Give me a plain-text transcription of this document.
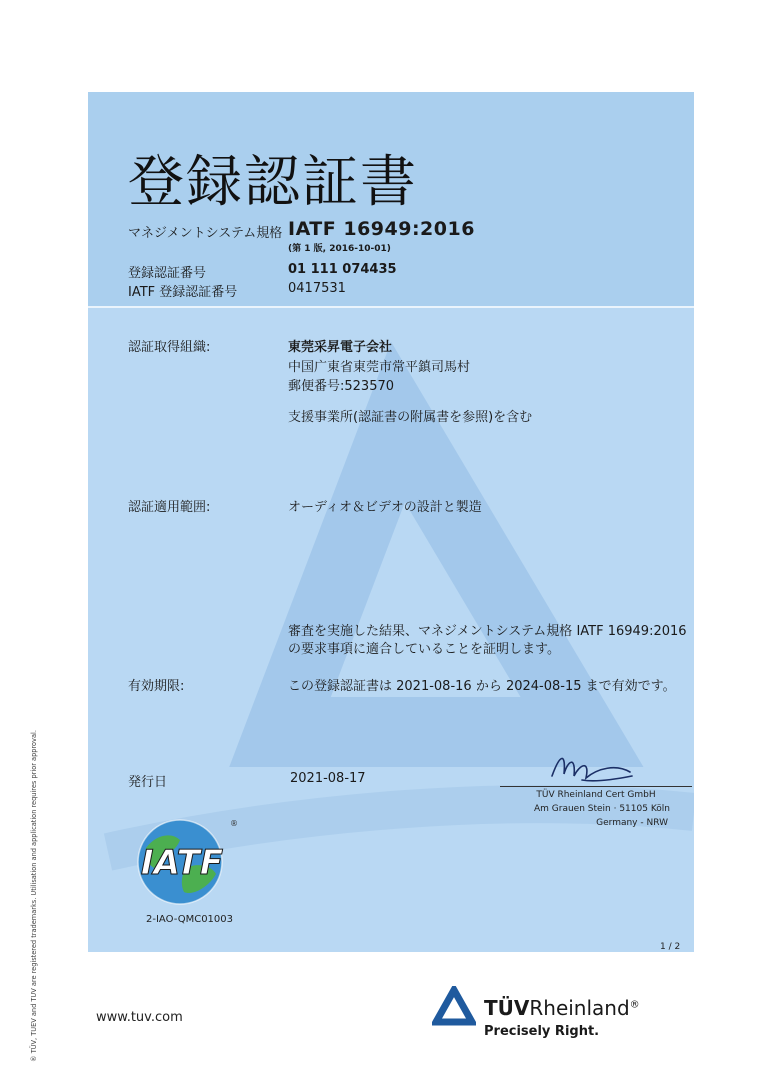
登録認証書
マネジメントシステム規格 IATF 16949:2016
(第 1 版, 2016-10-01)
登録認証番号	01 111 074435
IATF 登録認証番号	0417531
認証取得組織:	東莞采昇電子会社
中国广東省東莞市常平鎮司馬村
郵便番号:523570
支援事業所(認証書の附属書を参照)を含む
認証適用範囲:	オーディオ＆ビデオの設計と製造
審査を実施した結果、マネジメントシステム規格 IATF 16949:2016
の要求事項に適合していることを証明します。
有効期限:	この登録認証書は 2021-08-16 から 2024-08-15 まで有効です。
発行日	2021-08-17
TÜV Rheinland Cert GmbH
Am Grauen Stein · 51105 Köln
Germany - NRW
IATF
®
2-IAO-QMC01003
1 / 2
www.tuv.com	TÜVRheinland®
Precisely Right.
® TÜV, TUEV and TUV are registered trademarks. Utilisation and application requires prior approval.
